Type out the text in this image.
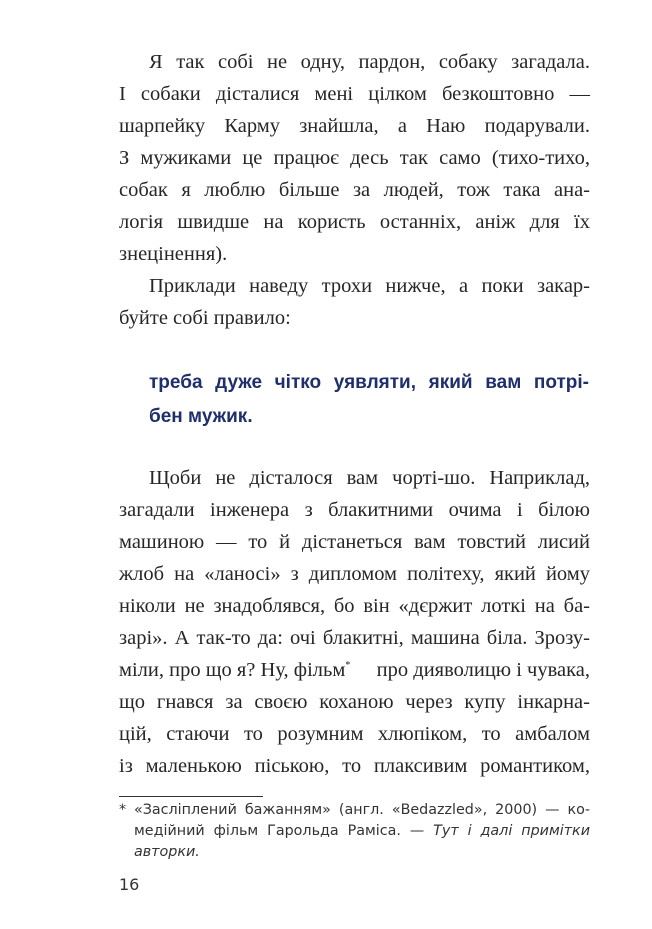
Я так собі не одну, пардон, собаку загадала.
І собаки дісталися мені цілком безкоштовно —
шарпейку Карму знайшла, а Наю подарували.
З мужиками це працює десь так само (тихо-тихо,
собак я люблю більше за людей, тож така ана-
логія швидше на користь останніх, аніж для їх
знецінення).
Приклади наведу трохи нижче, а поки закар-
буйте собі правило:
треба дуже чітко уявляти, який вам потрі-
бен мужик.
Щоби не дісталося вам чорті-шо. Наприклад,
загадали інженера з блакитними очима і білою
машиною — то й дістанеться вам товстий лисий
жлоб на «ланосі» з дипломом політеху, який йому
ніколи не знадоблявся, бо він «дєржит лоткі на ба-
зарі». А так-то да: очі блакитні, машина біла. Зрозу-
міли, про що я? Ну, фільм* про дияволицю і чувака,
що гнався за своєю коханою через купу інкарна-
цій, стаючи то розумним хлюпіком, то амбалом
із маленькою піською, то плаксивим романтиком,
* «Засліплений бажанням» (англ. «Bedazzled», 2000) — ко-
медійний фільм Гарольда Раміса. — Тут і далі примітки
авторки.
16
